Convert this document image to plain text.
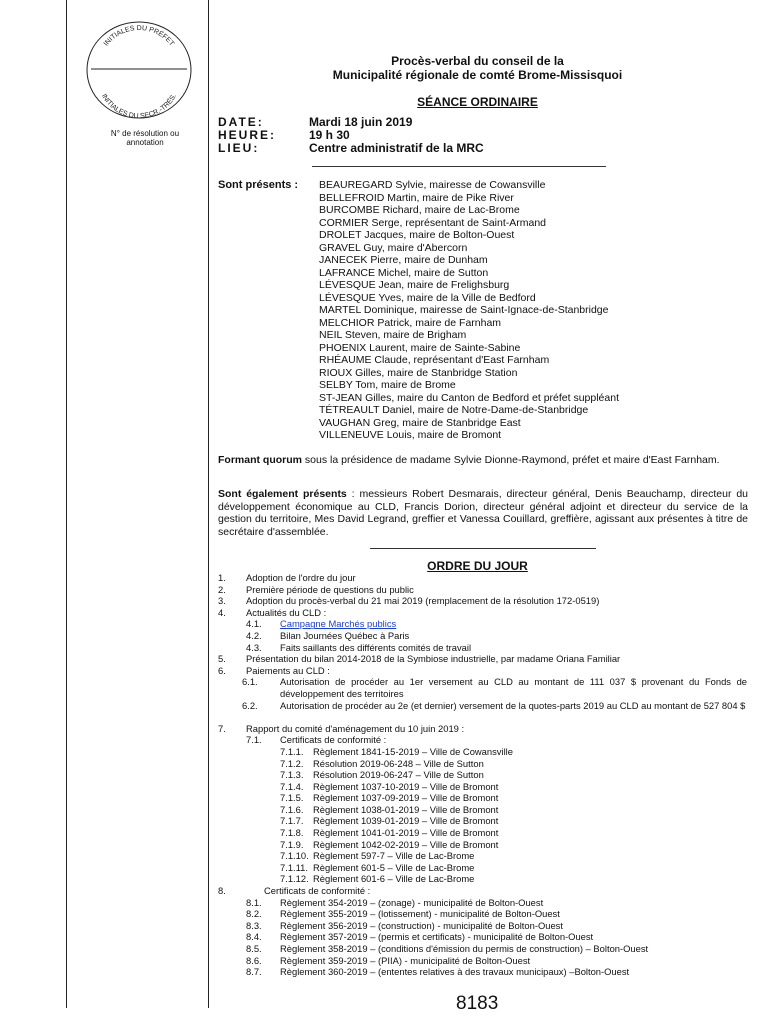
INITIALES DU PRÉFET
INITIALES DU SECR.-TRÉS.
N° de résolution ou annotation
Procès-verbal du conseil de la
Municipalité régionale de comté Brome-Missisquoi
SÉANCE ORDINAIRE
DATE:	Mardi 18 juin 2019
HEURE:	19 h 30
LIEU:	Centre administratif de la MRC
Sont présents : BEAUREGARD Sylvie, mairesse de Cowansville
BELLEFROID Martin, maire de Pike River
BURCOMBE Richard, maire de Lac-Brome
CORMIER Serge, représentant de Saint-Armand
DROLET Jacques, maire de Bolton-Ouest
GRAVEL Guy, maire d'Abercorn
JANECEK Pierre, maire de Dunham
LAFRANCE Michel, maire de Sutton
LÉVESQUE Jean, maire de Frelighsburg
LÉVESQUE Yves, maire de la Ville de Bedford
MARTEL Dominique, mairesse de Saint-Ignace-de-Stanbridge
MELCHIOR Patrick, maire de Farnham
NEIL Steven, maire de Brigham
PHOENIX Laurent, maire de Sainte-Sabine
RHÉAUME Claude, représentant d'East Farnham
RIOUX Gilles, maire de Stanbridge Station
SELBY Tom, maire de Brome
ST-JEAN Gilles, maire du Canton de Bedford et préfet suppléant
TÉTREAULT Daniel, maire de Notre-Dame-de-Stanbridge
VAUGHAN Greg, maire de Stanbridge East
VILLENEUVE Louis, maire de Bromont
Formant quorum sous la présidence de madame Sylvie Dionne-Raymond, préfet et maire d'East Farnham.
Sont également présents : messieurs Robert Desmarais, directeur général, Denis Beauchamp, directeur du développement économique au CLD, Francis Dorion, directeur général adjoint et directeur du service de la gestion du territoire, Mes David Legrand, greffier et Vanessa Couillard, greffière, agissant aux présentes à titre de secrétaire d'assemblée.
ORDRE DU JOUR
1. Adoption de l'ordre du jour
2. Première période de questions du public
3. Adoption du procès-verbal du 21 mai 2019 (remplacement de la résolution 172-0519)
4. Actualités du CLD :
4.1. Campagne Marchés publics
4.2. Bilan Journées Québec à Paris
4.3. Faits saillants des différents comités de travail
5. Présentation du bilan 2014-2018 de la Symbiose industrielle, par madame Oriana Familiar
6. Paiements au CLD :
6.1. Autorisation de procéder au 1er versement au CLD au montant de 111 037 $ provenant du Fonds de développement des territoires
6.2. Autorisation de procéder au 2e (et dernier) versement de la quotes-parts 2019 au CLD au montant de 527 804 $
7. Rapport du comité d'aménagement du 10 juin 2019 :
7.1. Certificats de conformité :
7.1.1. Règlement 1841-15-2019 – Ville de Cowansville
7.1.2. Résolution 2019-06-248 – Ville de Sutton
7.1.3. Résolution 2019-06-247 – Ville de Sutton
7.1.4. Règlement 1037-10-2019 – Ville de Bromont
7.1.5. Règlement 1037-09-2019 – Ville de Bromont
7.1.6. Règlement 1038-01-2019 – Ville de Bromont
7.1.7. Règlement 1039-01-2019 – Ville de Bromont
7.1.8. Règlement 1041-01-2019 – Ville de Bromont
7.1.9. Règlement 1042-02-2019 – Ville de Bromont
7.1.10. Règlement 597-7 – Ville de Lac-Brome
7.1.11. Règlement 601-5 – Ville de Lac-Brome
7.1.12. Règlement 601-6 – Ville de Lac-Brome
8.	Certificats de conformité :
8.1. Règlement 354-2019 – (zonage) - municipalité de Bolton-Ouest
8.2. Règlement 355-2019 – (lotissement) - municipalité de Bolton-Ouest
8.3. Règlement 356-2019 – (construction) - municipalité de Bolton-Ouest
8.4. Règlement 357-2019 – (permis et certificats) - municipalité de Bolton-Ouest
8.5. Règlement 358-2019 – (conditions d'émission du permis de construction) – Bolton-Ouest
8.6. Règlement 359-2019 – (PIIA) - municipalité de Bolton-Ouest
8.7. Règlement 360-2019 – (ententes relatives à des travaux municipaux) –Bolton-Ouest
8183
